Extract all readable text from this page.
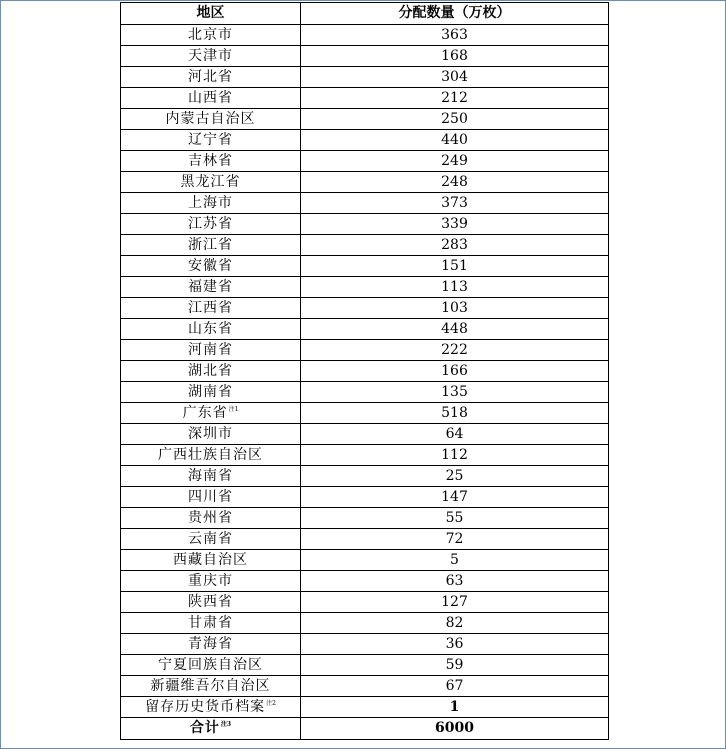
地区	分配数量（万枚）
北京市	363
天津市	168
河北省	304
山西省	212
内蒙古自治区	250
辽宁省	440
吉林省	249
黑龙江省	248
上海市	373
江苏省	339
浙江省	283
安徽省	151
福建省	113
江西省	103
山东省	448
河南省	222
湖北省	166
湖南省	135
广东省$^{注1}$	518
深圳市	64
广西壮族自治区	112
海南省	25
四川省	147
贵州省	55
云南省	72
西藏自治区	5
重庆市	63
陕西省	127
甘肃省	82
青海省	36
宁夏回族自治区	59
新疆维吾尔自治区	67
留存历史货币档案$^{注2}$	1
合计$^{注3}$	6000
